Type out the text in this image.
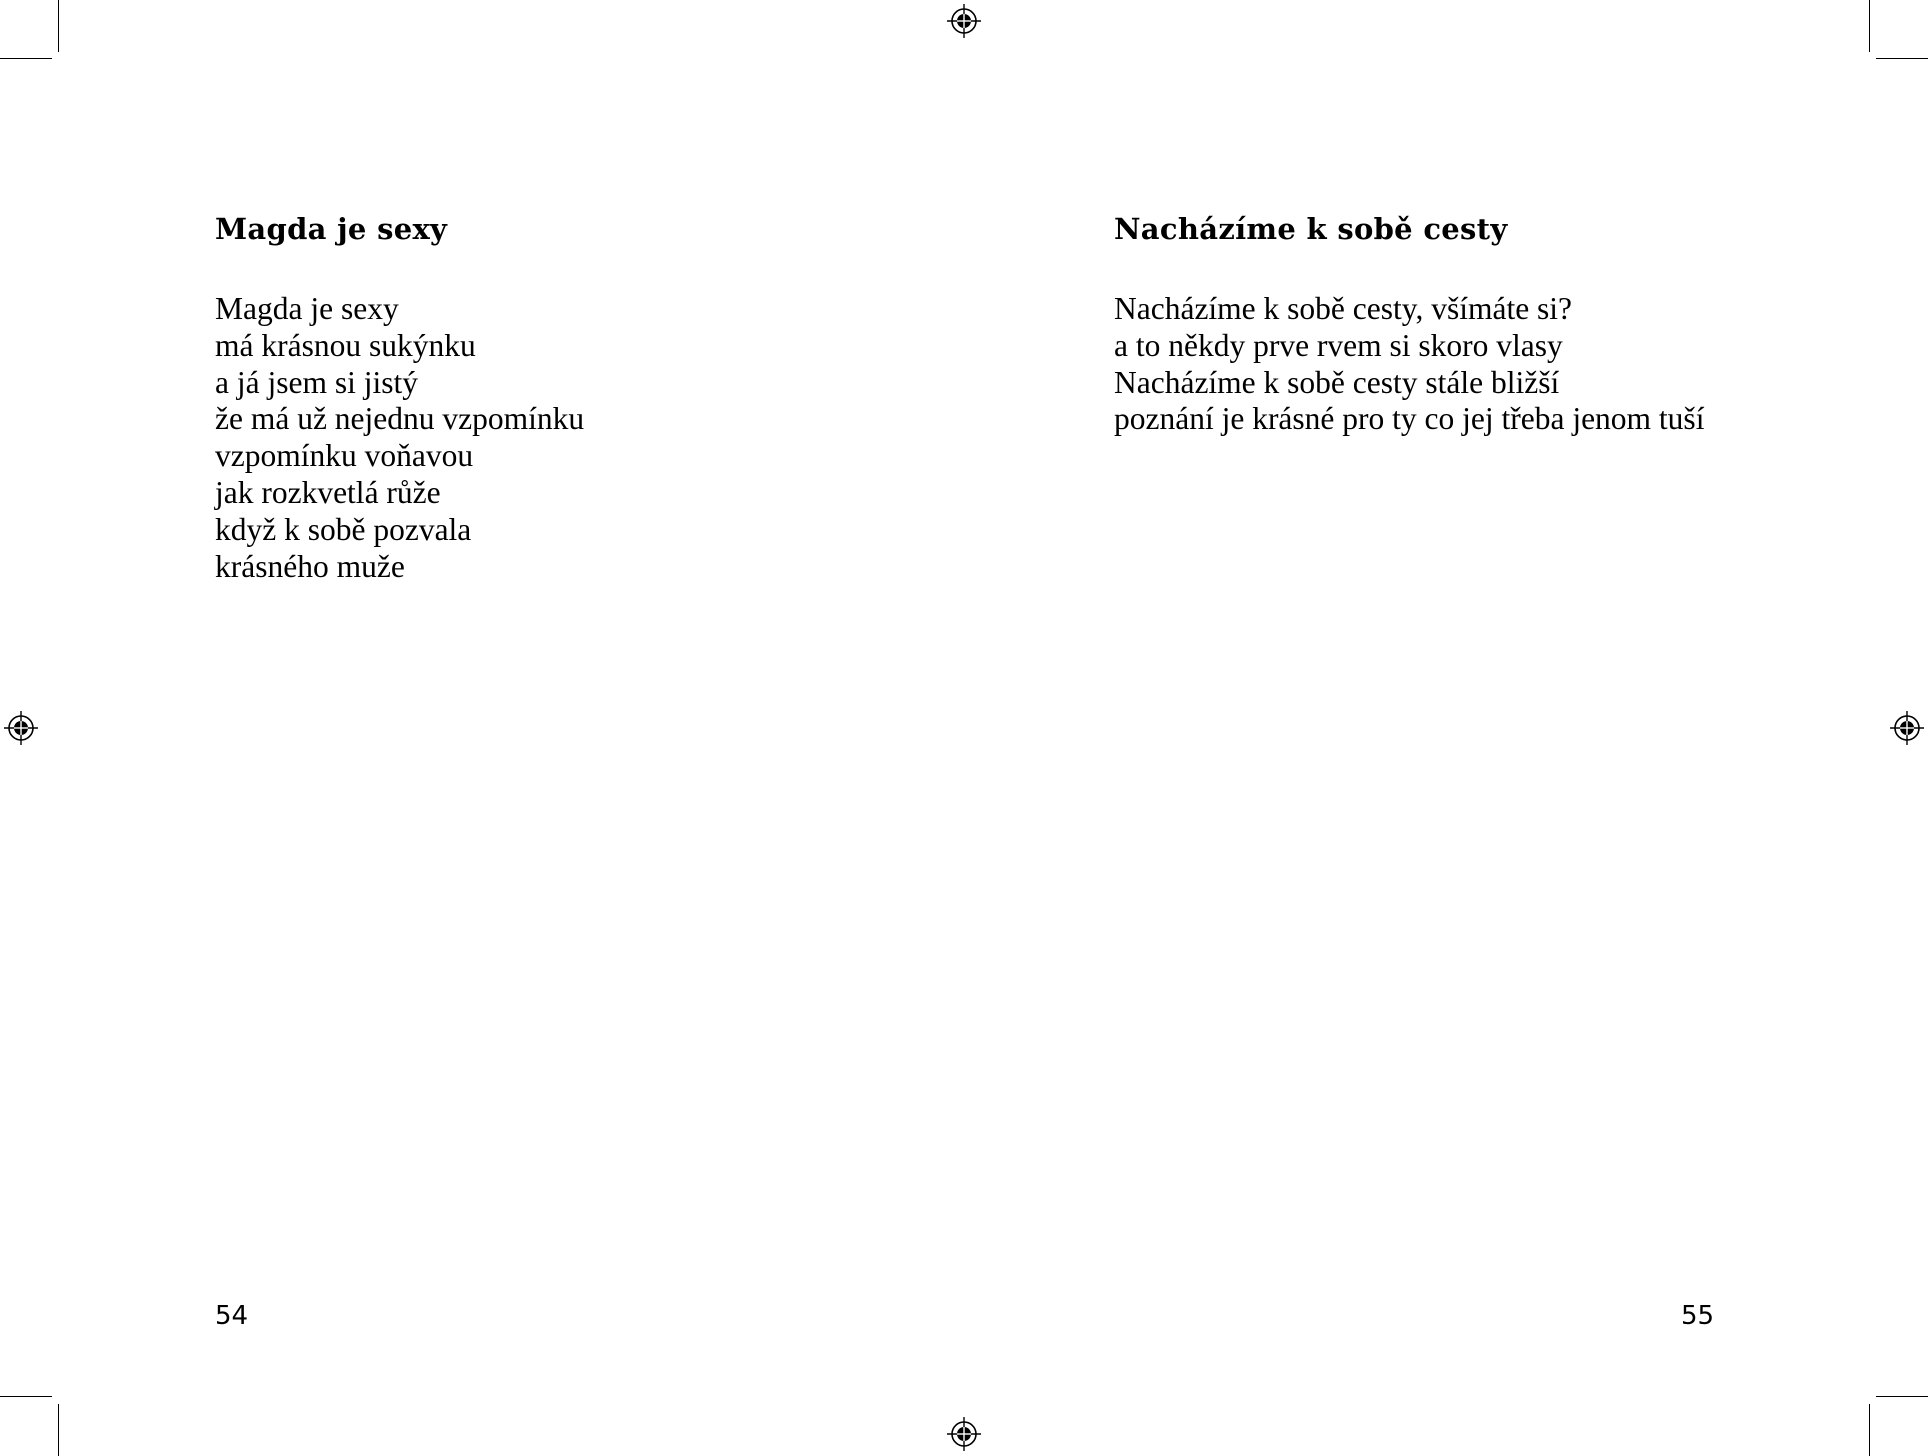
Magda je sexy
Magda je sexy
má krásnou sukýnku
a já jsem si jistý
že má už nejednu vzpomínku
vzpomínku voňavou
jak rozkvetlá růže
když k sobě pozvala
krásného muže
54
Nacházíme k sobě cesty
Nacházíme k sobě cesty, všímáte si?
a to někdy prve rvem si skoro vlasy
Nacházíme k sobě cesty stále bližší
poznání je krásné pro ty co jej třeba jenom tuší
55
